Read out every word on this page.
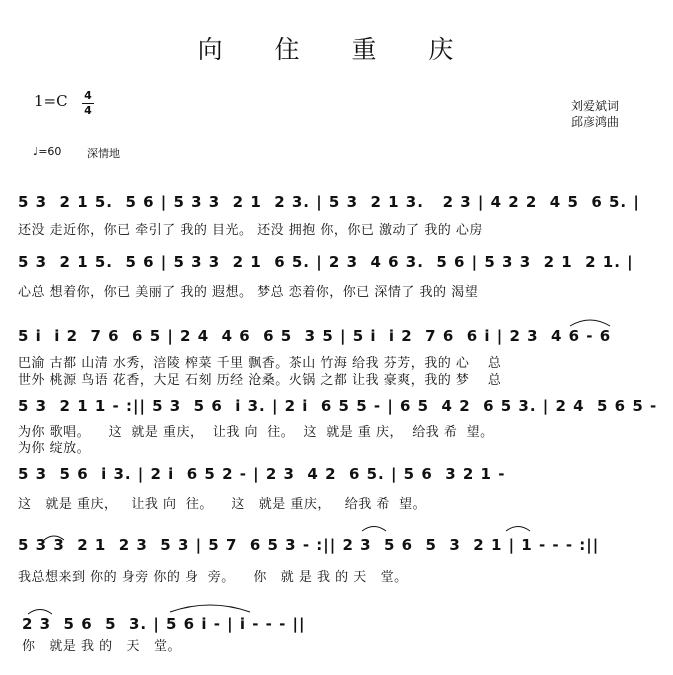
向 住 重 庆
1=C 4
4	刘爱斌词
邱彦鸿曲
♩=60 深情地
5 3  2 1 5.  5 6 | 5 3 3  2 1  2 3. | 5 3  2 1 3.   2 3 | 4 2 2  4 5  6 5. |
还没 走近你，你已 牵引了 我的 目光。 还没 拥抱 你，你已 激动了 我的 心房
5 3  2 1 5.  5 6 | 5 3 3  2 1  6 5. | 2 3  4 6 3.  5 6 | 5 3 3  2 1  2 1. |
心总 想着你，你已 美丽了 我的 遐想。 梦总 恋着你，你已 深情了 我的 渴望
5 i  i 2  7 6  6 5 | 2 4  4 6  6 5  3 5 | 5 i  i 2  7 6  6 i | 2 3  4 6 - 6
巴渝 古都 山清 水秀，涪陵 榨菜 千里 飘香。茶山 竹海 给我 芬芳，我的 心    总
世外 桃源 鸟语 花香，大足 石刻 历经 沧桑。火锅 之都 让我 豪爽，我的 梦    总
5 3  2 1 1 - :|| 5 3  5 6  i 3. | 2 i  6 5 5 - | 6 5  4 2  6 5 3. | 2 4  5 6 5 -
为你 歌唱。    这  就是 重庆，  让我 向  往。  这  就是 重 庆，  给我 希  望。
为你 绽放。
5 3  5 6  i 3. | 2 i  6 5 2 - | 2 3  4 2  6 5. | 5 6  3 2 1 -
这   就是 重庆，   让我 向  往。    这   就是 重庆，   给我 希  望。
5 3 3  2 1  2 3  5 3 | 5 7  6 5 3 - :|| 2 3  5 6  5  3  2 1 | 1 - - - :||
我总想来到 你的 身旁 你的 身  旁。    你   就 是 我 的 天   堂。
2 3  5 6  5  3. | 5 6 i - | i - - - ||
你   就是 我 的   天   堂。
